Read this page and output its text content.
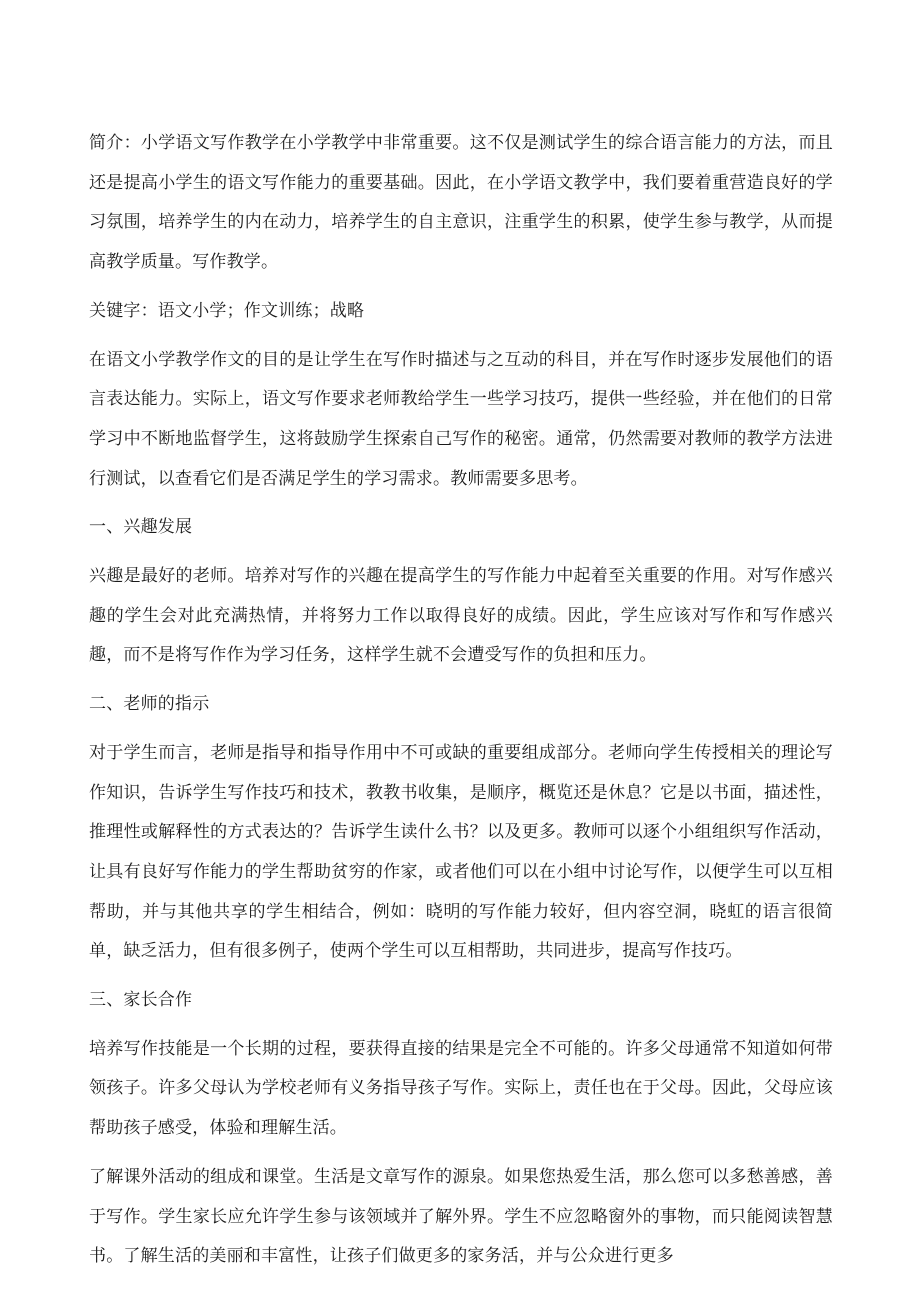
简介：小学语文写作教学在小学教学中非常重要。这不仅是测试学生的综合语言能力的方法，而且还是提高小学生的语文写作能力的重要基础。因此，在小学语文教学中，我们要着重营造良好的学习氛围，培养学生的内在动力，培养学生的自主意识，注重学生的积累，使学生参与教学，从而提高教学质量。写作教学。

关键字：语文小学；作文训练；战略

在语文小学教学作文的目的是让学生在写作时描述与之互动的科目，并在写作时逐步发展他们的语言表达能力。实际上，语文写作要求老师教给学生一些学习技巧，提供一些经验，并在他们的日常学习中不断地监督学生，这将鼓励学生探索自己写作的秘密。通常，仍然需要对教师的教学方法进行测试，以查看它们是否满足学生的学习需求。教师需要多思考。

一、兴趣发展

兴趣是最好的老师。培养对写作的兴趣在提高学生的写作能力中起着至关重要的作用。对写作感兴趣的学生会对此充满热情，并将努力工作以取得良好的成绩。因此，学生应该对写作和写作感兴趣，而不是将写作作为学习任务，这样学生就不会遭受写作的负担和压力。

二、老师的指示

对于学生而言，老师是指导和指导作用中不可或缺的重要组成部分。老师向学生传授相关的理论写作知识，告诉学生写作技巧和技术，教教书收集，是顺序，概览还是休息？它是以书面，描述性，推理性或解释性的方式表达的？告诉学生读什么书？以及更多。教师可以逐个小组组织写作活动，让具有良好写作能力的学生帮助贫穷的作家，或者他们可以在小组中讨论写作，以便学生可以互相帮助，并与其他共享的学生相结合，例如：晓明的写作能力较好，但内容空洞，晓虹的语言很简单，缺乏活力，但有很多例子，使两个学生可以互相帮助，共同进步，提高写作技巧。

三、家长合作

培养写作技能是一个长期的过程，要获得直接的结果是完全不可能的。许多父母通常不知道如何带领孩子。许多父母认为学校老师有义务指导孩子写作。实际上，责任也在于父母。因此，父母应该帮助孩子感受，体验和理解生活。

了解课外活动的组成和课堂。生活是文章写作的源泉。如果您热爱生活，那么您可以多愁善感，善于写作。学生家长应允许学生参与该领域并了解外界。学生不应忽略窗外的事物，而只能阅读智慧书。了解生活的美丽和丰富性，让孩子们做更多的家务活，并与公众进行更多
